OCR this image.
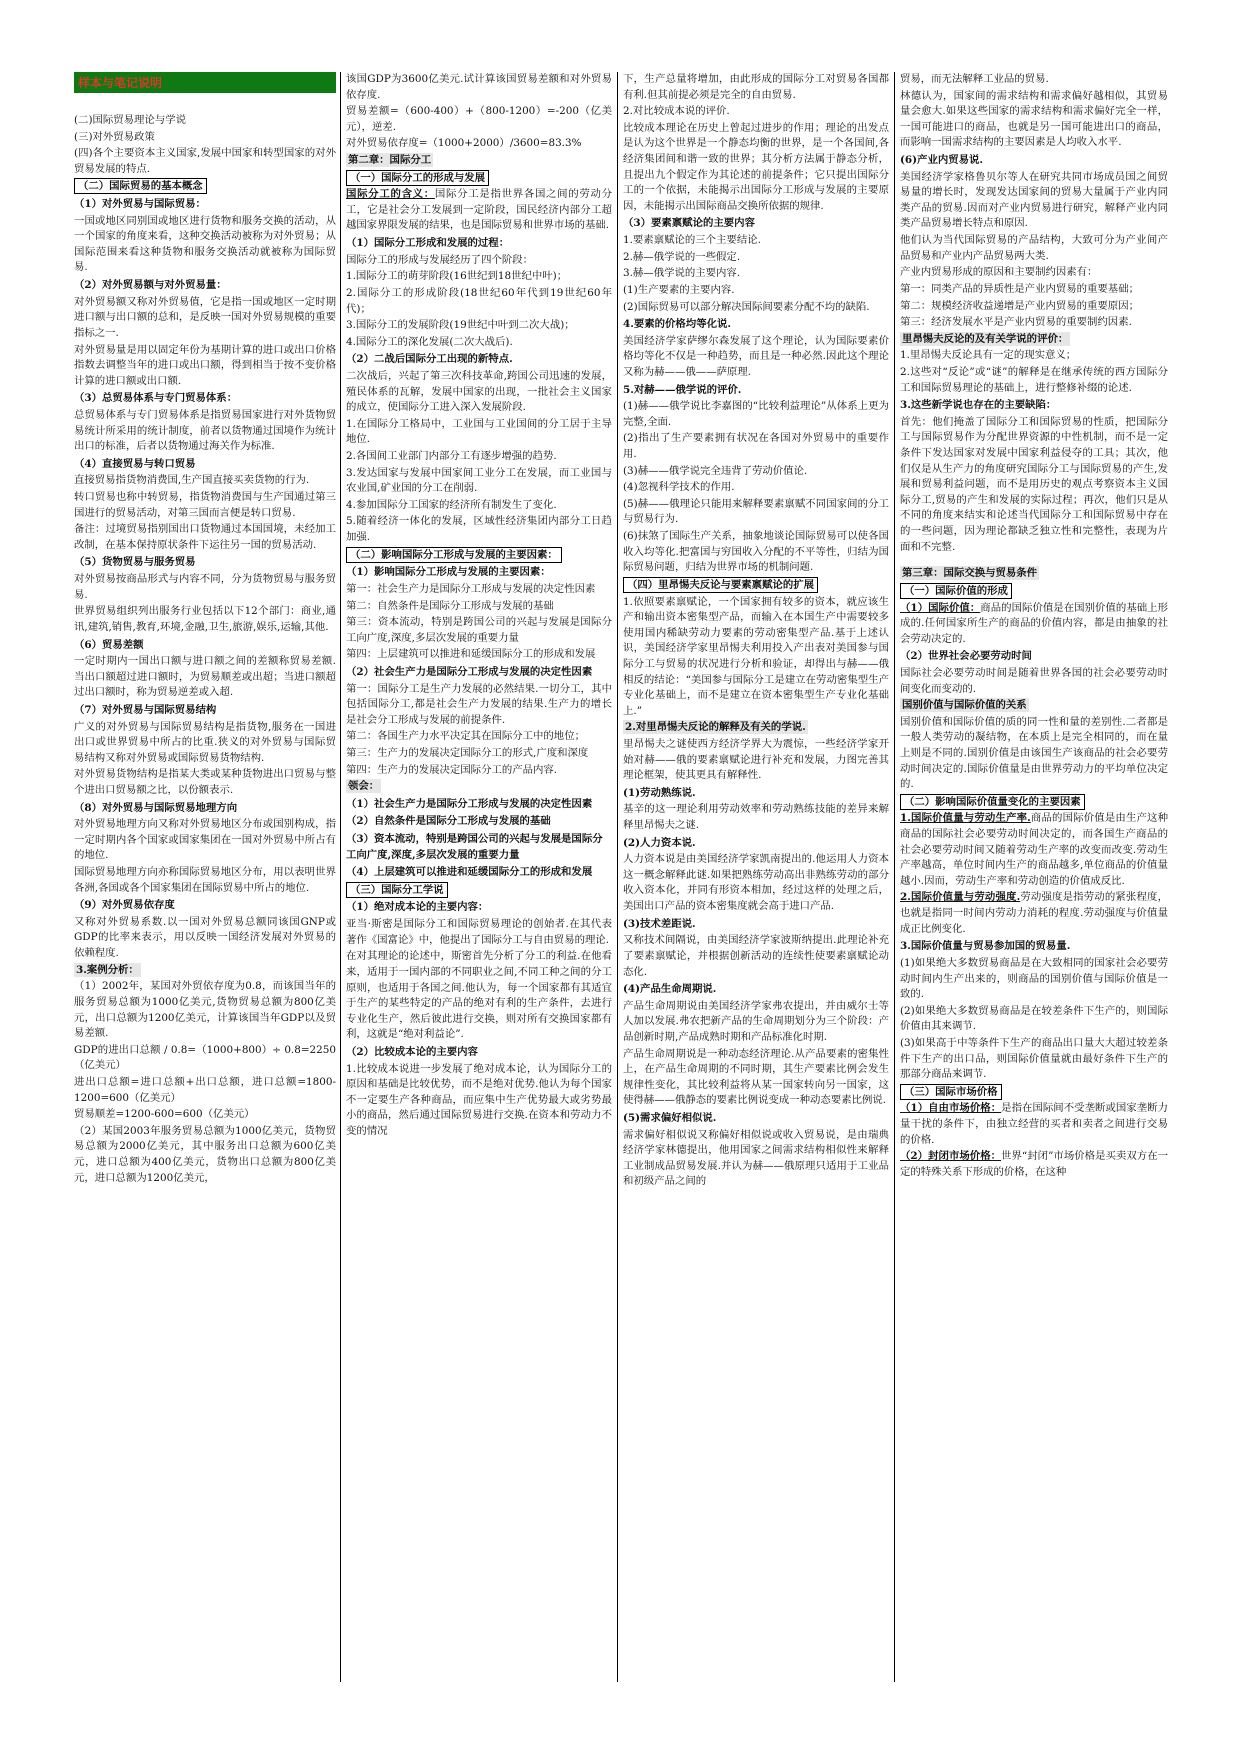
样本与笔记说明
(二)国际贸易理论与学说
(三)对外贸易政策
(四)各个主要资本主义国家,发展中国家和转型国家的对外贸易发展的特点.
（二）国际贸易的基本概念
（1）对外贸易与国际贸易：
一国或地区同别国或地区进行货物和服务交换的活动，从一个国家的角度来看，这种交换活动被称为对外贸易；从国际范围来看这种货物和服务交换活动就被称为国际贸易.
（2）对外贸易额与对外贸易量：
对外贸易额又称对外贸易值，它是指一国或地区一定时期进口额与出口额的总和，是反映一国对外贸易规模的重要指标之一.
对外贸易量是用以固定年份为基期计算的进口或出口价格指数去调整当年的进口或出口额，得到相当于按不变价格计算的进口额或出口额.
（3）总贸易体系与专门贸易体系：
总贸易体系与专门贸易体系是指贸易国家进行对外货物贸易统计所采用的统计制度，前者以货物通过国境作为统计出口的标准，后者以货物通过海关作为标准.
（4）直接贸易与转口贸易
直接贸易指货物消费国,生产国直接买卖货物的行为.
转口贸易也称中转贸易，指货物消费国与生产国通过第三国进行的贸易活动，对第三国而言便是转口贸易.
备注：过境贸易指别国出口货物通过本国国境，未经加工改制，在基本保持原状条件下运往另一国的贸易活动.
（5）货物贸易与服务贸易
对外贸易按商品形式与内容不同，分为货物贸易与服务贸易.
世界贸易组织列出服务行业包括以下12个部门：商业,通讯,建筑,销售,教育,环境,金融,卫生,旅游,娱乐,运输,其他.
（6）贸易差额
一定时期内一国出口额与进口额之间的差额称贸易差额.当出口额超过进口额时，为贸易顺差或出超；当进口额超过出口额时，称为贸易逆差或入超.
（7）对外贸易与国际贸易结构
广义的对外贸易与国际贸易结构是指货物,服务在一国进出口或世界贸易中所占的比重.狭义的对外贸易与国际贸易结构又称对外贸易或国际贸易货物结构.
对外贸易货物结构是指某大类或某种货物进出口贸易与整个进出口贸易额之比，以份额表示.
（8）对外贸易与国际贸易地理方向
对外贸易地理方向又称对外贸易地区分布或国别构成，指一定时期内各个国家或国家集团在一国对外贸易中所占有的地位.
国际贸易地理方向亦称国际贸易地区分布，用以表明世界各洲,各国或各个国家集团在国际贸易中所占的地位.
（9）对外贸易依存度
又称对外贸易系数.以一国对外贸易总额同该国GNP或GDP的比率来表示，用以反映一国经济发展对外贸易的依赖程度.
3.案例分析：
（1）2002年，某国对外贸依存度为0.8，而该国当年的服务贸易总额为1000亿美元,货物贸易总额为800亿美元，出口总额为1200亿美元，计算该国当年GDP以及贸易差额.
GDP的进出口总额 / 0.8=（1000+800）÷ 0.8=2250（亿美元）
进出口总额=进口总额+出口总额，进口总额=1800-1200=600（亿美元）
贸易顺差=1200-600=600（亿美元）
（2）某国2003年服务贸易总额为1000亿美元，货物贸易总额为2000亿美元，其中服务出口总额为600亿美元，进口总额为400亿美元，货物出口总额为800亿美元，进口总额为1200亿美元，
该国GDP为3600亿美元.试计算该国贸易差额和对外贸易依存度.
贸易差额=（600-400）+（800-1200）=-200（亿美元），逆差.
对外贸易依存度=（1000+2000）/3600=83.3%
第二章：国际分工
（一）国际分工的形成与发展
国际分工的含义：国际分工是指世界各国之间的劳动分工，它是社会分工发展到一定阶段，国民经济内部分工超越国家界限发展的结果，也是国际贸易和世界市场的基础.
（1）国际分工形成和发展的过程：
国际分工的形成与发展经历了四个阶段：
1.国际分工的萌芽阶段(16世纪到18世纪中叶)；
2.国际分工的形成阶段(18世纪60年代到19世纪60年代)；
3.国际分工的发展阶段(19世纪中叶到二次大战)；
4.国际分工的深化发展(二次大战后).
（2）二战后国际分工出现的新特点.
二次战后，兴起了第三次科技革命,跨国公司迅速的发展，殖民体系的瓦解，发展中国家的出现，一批社会主义国家的成立，使国际分工进入深入发展阶段.
1.在国际分工格局中，工业国与工业国间的分工居于主导地位.
2.各国间工业部门内部分工有逐步增强的趋势.
3.发达国家与发展中国家间工业分工在发展，而工业国与农业国,矿业国的分工在削弱.
4.参加国际分工国家的经济所有制发生了变化.
5.随着经济一体化的发展，区域性经济集团内部分工日趋加强.
（二）影响国际分工形成与发展的主要因素：
（1）影响国际分工形成与发展的主要因素：
第一：社会生产力是国际分工形成与发展的决定性因素
第二：自然条件是国际分工形成与发展的基础
第三：资本流动，特别是跨国公司的兴起与发展是国际分工向广度,深度,多层次发展的重要力量
第四：上层建筑可以推进和延缓国际分工的形成和发展
（2）社会生产力是国际分工形成与发展的决定性因素
第一：国际分工是生产力发展的必然结果.一切分工，其中包括国际分工,都是社会生产力发展的结果.生产力的增长是社会分工形成与发展的前提条件.
第二：各国生产力水平决定其在国际分工中的地位；
第三：生产力的发展决定国际分工的形式,广度和深度
第四：生产力的发展决定国际分工的产品内容.
领会：
（1）社会生产力是国际分工形成与发展的决定性因素
（2）自然条件是国际分工形成与发展的基础
（3）资本流动，特别是跨国公司的兴起与发展是国际分工向广度,深度,多层次发展的重要力量
（4）上层建筑可以推进和延缓国际分工的形成和发展
（三）国际分工学说
（1）绝对成本论的主要内容：
亚当·斯密是国际分工和国际贸易理论的创始者.在其代表著作《国富论》中，他提出了国际分工与自由贸易的理论.
在对其理论的论述中，斯密首先分析了分工的利益.在他看来，适用于一国内部的不同职业之间,不同工种之间的分工原则，也适用于各国之间.他认为，每一个国家都有其适宜于生产的某些特定的产品的绝对有利的生产条件，去进行专业化生产，然后彼此进行交换，则对所有交换国家都有利，这就是“绝对利益论”.
（2）比较成本论的主要内容
1.比较成本说进一步发展了绝对成本论，认为国际分工的原因和基础是比较优势，而不是绝对优势.他认为每个国家不一定要生产各种商品，而应集中生产优势最大或劣势最小的商品，然后通过国际贸易进行交换.在资本和劳动力不变的情况
下，生产总量将增加，由此形成的国际分工对贸易各国都有利.但其前提必须是完全的自由贸易.
2.对比较成本说的评价.
比较成本理论在历史上曾起过进步的作用；理论的出发点是认为这个世界是一个静态均衡的世界，是一个各国间,各经济集团间和谐一致的世界；其分析方法属于静态分析，且提出九个假定作为其论述的前提条件；它只提出国际分工的一个依据，未能揭示出国际分工形成与发展的主要原因，未能揭示出国际商品交换所依据的规律.
（3）要素禀赋论的主要内容
1.要素禀赋论的三个主要结论.
2.赫—俄学说的一些假定.
3.赫—俄学说的主要内容.
(1)生产要素的主要内容.
(2)国际贸易可以部分解决国际间要素分配不均的缺陷.
4.要素的价格均等化说.
美国经济学家萨缪尔森发展了这个理论，认为国际要素价格均等化不仅是一种趋势，而且是一种必然.因此这个理论又称为赫——俄——萨原理.
5.对赫——俄学说的评价.
(1)赫——俄学说比李嘉图的“比较利益理论”从体系上更为完整,全面.
(2)指出了生产要素拥有状况在各国对外贸易中的重要作用.
(3)赫——俄学说完全违背了劳动价值论.
(4)忽视科学技术的作用.
(5)赫——俄理论只能用来解释要素禀赋不同国家间的分工与贸易行为.
(6)抹煞了国际生产关系，抽象地谈论国际贸易可以使各国收入均等化.把富国与穷国收入分配的不平等性，归结为国际贸易问题，归结为世界市场的机制问题.
（四）里昂惕夫反论与要素禀赋论的扩展
1.依照要素禀赋论，一个国家拥有较多的资本，就应该生产和输出资本密集型产品，而输入在本国生产中需要较多使用国内稀缺劳动力要素的劳动密集型产品.基于上述认识，美国经济学家里昂惕夫利用投入产出表对美国参与国际分工与贸易的状况进行分析和验证，却得出与赫——俄相反的结论：“美国参与国际分工是建立在劳动密集型生产专业化基础上，而不是建立在资本密集型生产专业化基础上.”
2.对里昂惕夫反论的解释及有关的学说.
里昂惕夫之谜使西方经济学界大为震惊，一些经济学家开始对赫——俄的要素禀赋论进行补充和发展，力图完善其理论框架，使其更具有解释性.
(1)劳动熟练说.
基辛的这一理论利用劳动效率和劳动熟练技能的差异来解释里昂惕夫之谜.
(2)人力资本说.
人力资本说是由美国经济学家凯南提出的.他运用人力资本这一概念解释此谜.如果把熟练劳动高出非熟练劳动的部分收入资本化，并同有形资本相加，经过这样的处理之后，美国出口产品的资本密集度就会高于进口产品.
(3)技术差距说.
又称技术间隔说，由美国经济学家波斯纳提出.此理论补充了要素禀赋论，并根据创新活动的连续性使要素禀赋论动态化.
(4)产品生命周期说.
产品生命周期说由美国经济学家弗农提出，并由威尔士等人加以发展.弗农把新产品的生命周期划分为三个阶段：产品创新时期,产品成熟时期和产品标准化时期.
产品生命周期说是一种动态经济理论.从产品要素的密集性上，在产品生命周期的不同时期，其生产要素比例会发生规律性变化，其比较利益将从某一国家转向另一国家，这使得赫——俄静态的要素比例说变成一种动态要素比例说.
(5)需求偏好相似说.
需求偏好相似说又称偏好相似说或收入贸易说，是由瑞典经济学家林德提出，他用国家之间需求结构相似性来解释工业制成品贸易发展.并认为赫——俄原理只适用于工业品和初级产品之间的
贸易，而无法解释工业品的贸易.
林德认为，国家间的需求结构和需求偏好越相似，其贸易量会愈大.如果这些国家的需求结构和需求偏好完全一样，一国可能进口的商品，也就是另一国可能进出口的商品，而影响一国需求结构的主要因素是人均收入水平.
(6)产业内贸易说.
美国经济学家格鲁贝尔等人在研究共同市场成员国之间贸易量的增长时，发现发达国家间的贸易大量属于产业内同类产品的贸易.因而对产业内贸易进行研究，解释产业内同类产品贸易增长特点和原因.
他们认为当代国际贸易的产品结构，大致可分为产业间产品贸易和产业内产品贸易两大类.
产业内贸易形成的原因和主要制约因素有：
第一：同类产品的异质性是产业内贸易的重要基础；
第二：规模经济收益递增是产业内贸易的重要原因；
第三：经济发展水平是产业内贸易的重要制约因素.
里昂惕夫反论的及有关学说的评价：
1.里昂惕夫反论具有一定的现实意义；
2.这些对“反论”或“谜”的解释是在继承传统的西方国际分工和国际贸易理论的基础上，进行整修补缀的论述.
3.这些新学说也存在的主要缺陷：
首先：他们掩盖了国际分工和国际贸易的性质，把国际分工与国际贸易作为分配世界资源的中性机制，而不是一定条件下发达国家对发展中国家利益侵夺的工具；其次，他们仅是从生产力的角度研究国际分工与国际贸易的产生,发展和贸易利益问题，而不是用历史的观点考察资本主义国际分工,贸易的产生和发展的实际过程；再次，他们只是从不同的角度来结实和论述当代国际分工和国际贸易中存在的一些问题，因为理论都缺乏独立性和完整性，表现为片面和不完整.
第三章：国际交换与贸易条件
（一）国际价值的形成
（1）国际价值：商品的国际价值是在国别价值的基础上形成的.任何国家所生产的商品的价值内容，都是由抽象的社会劳动决定的.
（2）世界社会必要劳动时间
国际社会必要劳动时间是随着世界各国的社会必要劳动时间变化而变动的.
国别价值与国际价值的关系
国别价值和国际价值的质的同一性和量的差别性.二者都是一般人类劳动的凝结物，在本质上是完全相同的，而在量上则是不同的.国别价值是由该国生产该商品的社会必要劳动时间决定的.国际价值量是由世界劳动力的平均单位决定的.
（二）影响国际价值量变化的主要因素
1.国际价值量与劳动生产率.商品的国际价值是由生产这种商品的国际社会必要劳动时间决定的，而各国生产商品的社会必要劳动时间又随着劳动生产率的改变而改变.劳动生产率越高，单位时间内生产的商品越多,单位商品的价值量越小.因而，劳动生产率和劳动创造的价值成反比.
2.国际价值量与劳动强度.劳动强度是指劳动的紧张程度，也就是指同一时间内劳动力消耗的程度.劳动强度与价值量成正比例变化.
3.国际价值量与贸易参加国的贸易量.
(1)如果绝大多数贸易商品是在大致相同的国家社会必要劳动时间内生产出来的，则商品的国别价值与国际价值是一致的.
(2)如果绝大多数贸易商品是在较差条件下生产的，则国际价值由其来调节.
(3)如果高于中等条件下生产的商品出口量大大超过较差条件下生产的出口品，则国际价值量就由最好条件下生产的那部分商品来调节.
（三）国际市场价格
（1）自由市场价格：是指在国际间不受垄断或国家垄断力量干扰的条件下，由独立经营的买者和卖者之间进行交易的价格.
（2）封闭市场价格：世界“封闭”市场价格是买卖双方在一定的特殊关系下形成的价格，在这种
